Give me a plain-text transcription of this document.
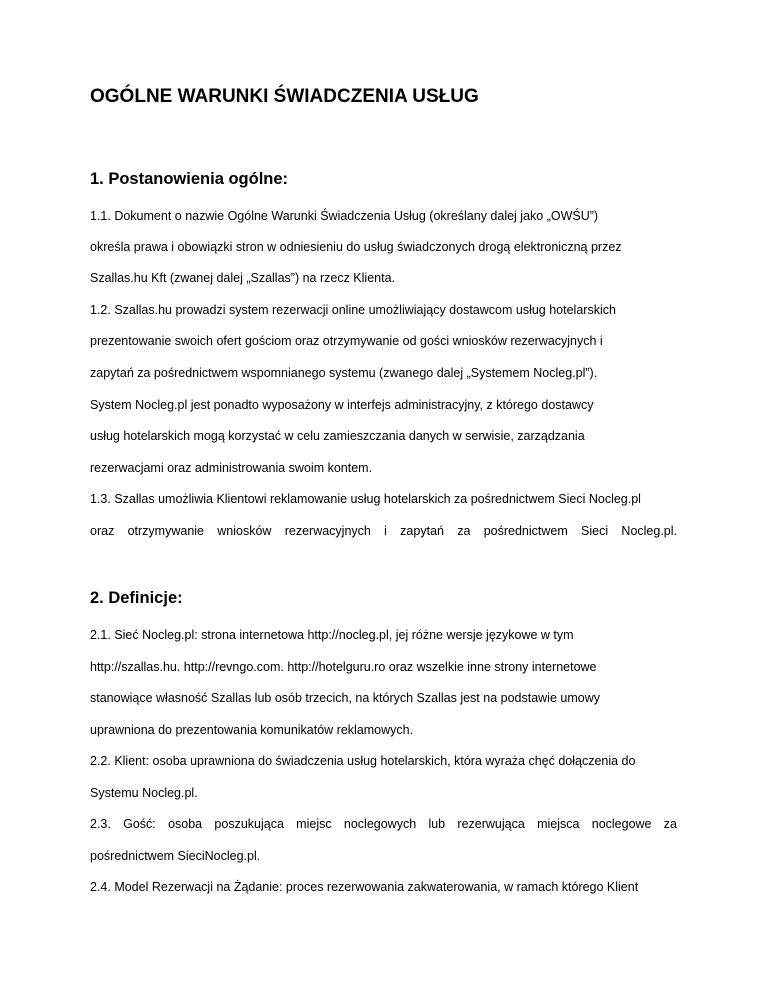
OGÓLNE WARUNKI ŚWIADCZENIA USŁUG
1. Postanowienia ogólne:

1.1. Dokument o nazwie Ogólne Warunki Świadczenia Usług (określany dalej jako „OWŚU”)

określa prawa i obowiązki stron w odniesieniu do usług świadczonych drogą elektroniczną przez

Szallas.hu Kft (zwanej dalej „Szallas”) na rzecz Klienta.

1.2. Szallas.hu prowadzi system rezerwacji online umożliwiający dostawcom usług hotelarskich

prezentowanie swoich ofert gościom oraz otrzymywanie od gości wniosków rezerwacyjnych i

zapytań za pośrednictwem wspomnianego systemu (zwanego dalej „Systemem Nocleg.pl”).

System Nocleg.pl jest ponadto wyposażony w interfejs administracyjny, z którego dostawcy

usług hotelarskich mogą korzystać w celu zamieszczania danych w serwisie, zarządzania

rezerwacjami oraz administrowania swoim kontem.

1.3. Szallas umożliwia Klientowi reklamowanie usług hotelarskich za pośrednictwem Sieci Nocleg.pl

oraz otrzymywanie wniosków rezerwacyjnych i zapytań za pośrednictwem Sieci Nocleg.pl.

2. Definicje:

2.1. Sieć Nocleg.pl: strona internetowa http://nocleg.pl, jej różne wersje językowe w tym

http://szallas.hu. http://revngo.com. http://hotelguru.ro oraz wszelkie inne strony internetowe

stanowiące własność Szallas lub osób trzecich, na których Szallas jest na podstawie umowy

uprawniona do prezentowania komunikatów reklamowych.

2.2. Klient: osoba uprawniona do świadczenia usług hotelarskich, która wyraża chęć dołączenia do

Systemu Nocleg.pl.

2.3. Gość: osoba poszukująca miejsc noclegowych lub rezerwująca miejsca noclegowe za

pośrednictwem SieciNocleg.pl.

2.4. Model Rezerwacji na Żądanie: proces rezerwowania zakwaterowania, w ramach którego Klient
